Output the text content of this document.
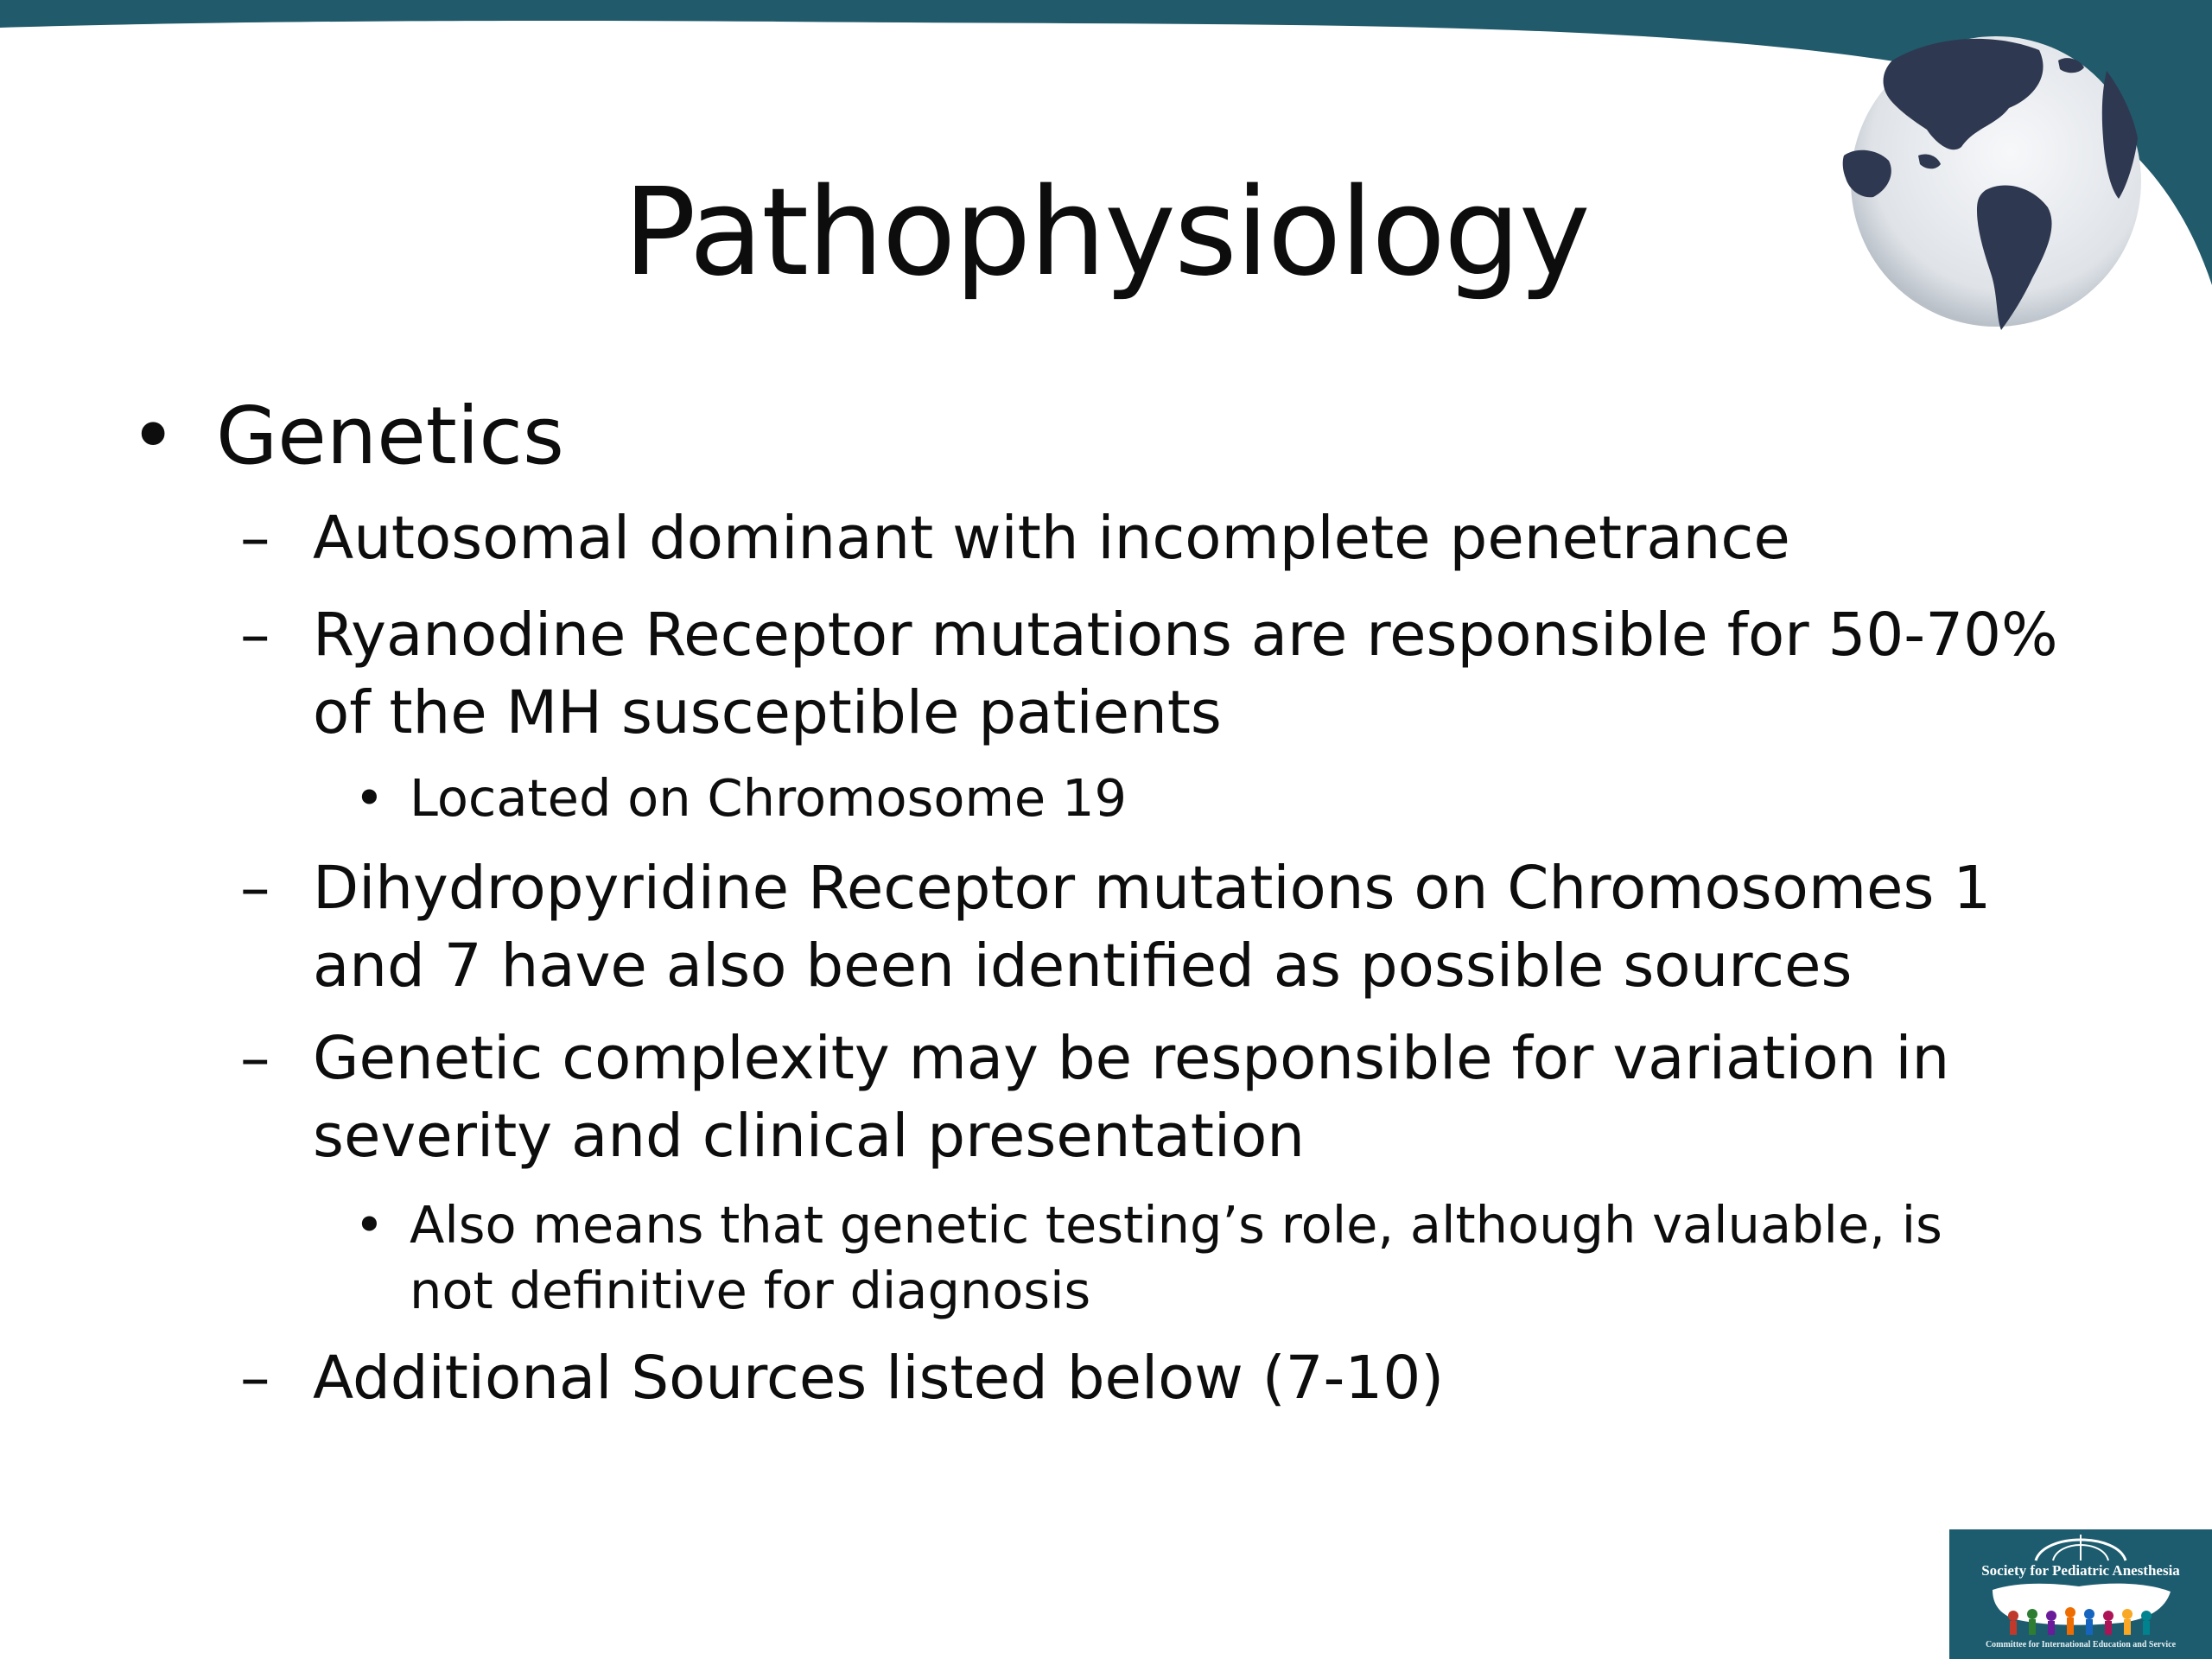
Pathophysiology
• Genetics
– Autosomal dominant with incomplete penetrance
– Ryanodine Receptor mutations are responsible for 50-70% of the MH susceptible patients
• Located on Chromosome 19
– Dihydropyridine Receptor mutations on Chromosomes 1 and 7 have also been identified as possible sources
– Genetic complexity may be responsible for variation in severity and clinical presentation
• Also means that genetic testing’s role, although valuable, is not definitive for diagnosis
– Additional Sources listed below (7-10)
Society for Pediatric Anesthesia
Committee for International Education and Service
